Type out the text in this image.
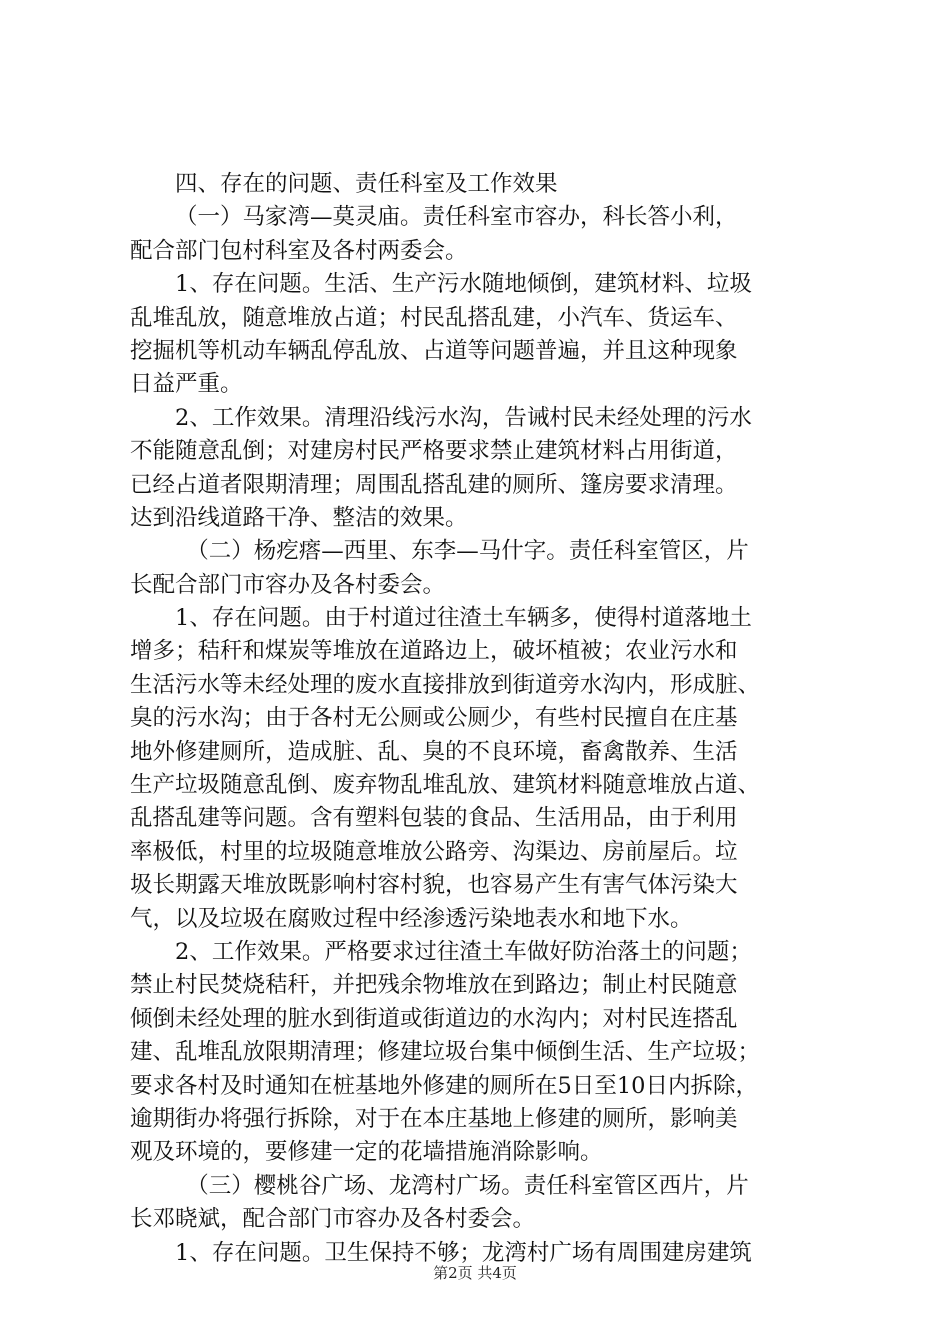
四、存在的问题、责任科室及工作效果
（一）马家湾—莫灵庙。责任科室市容办，科长答小利，
配合部门包村科室及各村两委会。
1、存在问题。生活、生产污水随地倾倒，建筑材料、垃圾
乱堆乱放，随意堆放占道；村民乱搭乱建，小汽车、货运车、
挖掘机等机动车辆乱停乱放、占道等问题普遍，并且这种现象
日益严重。
2、工作效果。清理沿线污水沟，告诫村民未经处理的污水
不能随意乱倒；对建房村民严格要求禁止建筑材料占用街道，
已经占道者限期清理；周围乱搭乱建的厕所、篷房要求清理。
达到沿线道路干净、整洁的效果。
（二）杨疙瘩—西里、东李—马什字。责任科室管区，片
长配合部门市容办及各村委会。
1、存在问题。由于村道过往渣土车辆多，使得村道落地土
增多；秸秆和煤炭等堆放在道路边上，破坏植被；农业污水和
生活污水等未经处理的废水直接排放到街道旁水沟内，形成脏、
臭的污水沟；由于各村无公厕或公厕少，有些村民擅自在庄基
地外修建厕所，造成脏、乱、臭的不良环境，畜禽散养、生活
生产垃圾随意乱倒、废弃物乱堆乱放、建筑材料随意堆放占道、
乱搭乱建等问题。含有塑料包装的食品、生活用品，由于利用
率极低，村里的垃圾随意堆放公路旁、沟渠边、房前屋后。垃
圾长期露天堆放既影响村容村貌，也容易产生有害气体污染大
气，以及垃圾在腐败过程中经渗透污染地表水和地下水。
2、工作效果。严格要求过往渣土车做好防治落土的问题；
禁止村民焚烧秸秆，并把残余物堆放在到路边；制止村民随意
倾倒未经处理的脏水到街道或街道边的水沟内；对村民连搭乱
建、乱堆乱放限期清理；修建垃圾台集中倾倒生活、生产垃圾；
要求各村及时通知在桩基地外修建的厕所在5日至10日内拆除，
逾期街办将强行拆除，对于在本庄基地上修建的厕所，影响美
观及环境的，要修建一定的花墙措施消除影响。
（三）樱桃谷广场、龙湾村广场。责任科室管区西片，片
长邓晓斌，配合部门市容办及各村委会。
1、存在问题。卫生保持不够；龙湾村广场有周围建房建筑
第2页 共4页
